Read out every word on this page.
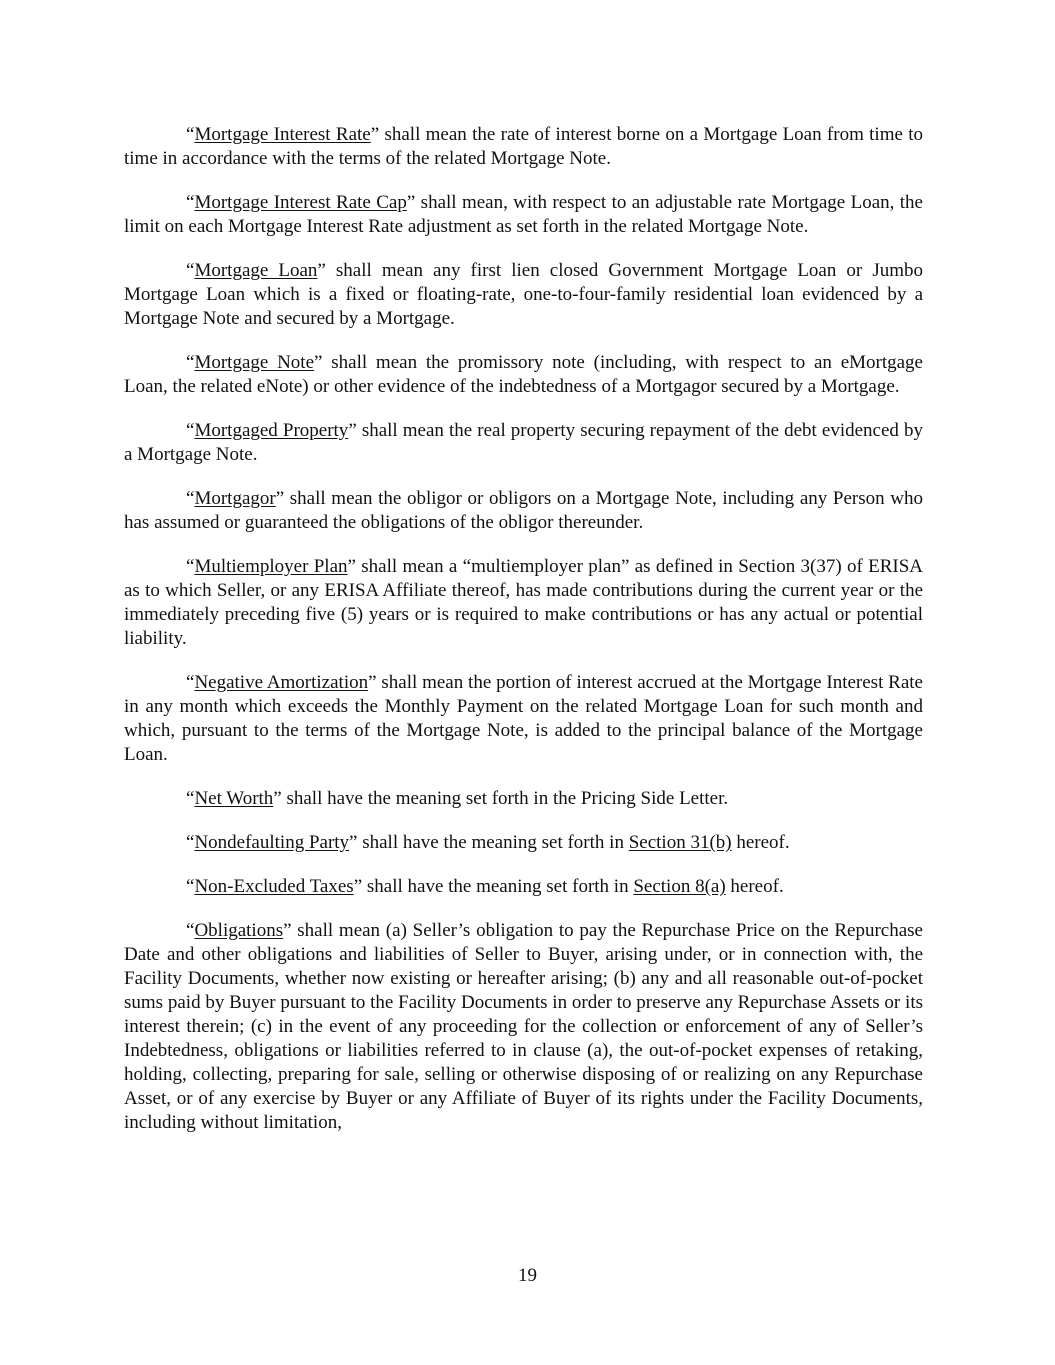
“Mortgage Interest Rate” shall mean the rate of interest borne on a Mortgage Loan from time to time in accordance with the terms of the related Mortgage Note.

“Mortgage Interest Rate Cap” shall mean, with respect to an adjustable rate Mortgage Loan, the limit on each Mortgage Interest Rate adjustment as set forth in the related Mortgage Note.

“Mortgage Loan” shall mean any first lien closed Government Mortgage Loan or Jumbo Mortgage Loan which is a fixed or floating-rate, one-to-four-family residential loan evidenced by a Mortgage Note and secured by a Mortgage.

“Mortgage Note” shall mean the promissory note (including, with respect to an eMortgage Loan, the related eNote) or other evidence of the indebtedness of a Mortgagor secured by a Mortgage.

“Mortgaged Property” shall mean the real property securing repayment of the debt evidenced by a Mortgage Note.

“Mortgagor” shall mean the obligor or obligors on a Mortgage Note, including any Person who has assumed or guaranteed the obligations of the obligor thereunder.

“Multiemployer Plan” shall mean a “multiemployer plan” as defined in Section 3(37) of ERISA as to which Seller, or any ERISA Affiliate thereof, has made contributions during the current year or the immediately preceding five (5) years or is required to make contributions or has any actual or potential liability.

“Negative Amortization” shall mean the portion of interest accrued at the Mortgage Interest Rate in any month which exceeds the Monthly Payment on the related Mortgage Loan for such month and which, pursuant to the terms of the Mortgage Note, is added to the principal balance of the Mortgage Loan.

“Net Worth” shall have the meaning set forth in the Pricing Side Letter.

“Nondefaulting Party” shall have the meaning set forth in Section 31(b) hereof.

“Non-Excluded Taxes” shall have the meaning set forth in Section 8(a) hereof.

“Obligations” shall mean (a) Seller’s obligation to pay the Repurchase Price on the Repurchase Date and other obligations and liabilities of Seller to Buyer, arising under, or in connection with, the Facility Documents, whether now existing or hereafter arising; (b) any and all reasonable out-of-pocket sums paid by Buyer pursuant to the Facility Documents in order to preserve any Repurchase Assets or its interest therein; (c) in the event of any proceeding for the collection or enforcement of any of Seller’s Indebtedness, obligations or liabilities referred to in clause (a), the out-of-pocket expenses of retaking, holding, collecting, preparing for sale, selling or otherwise disposing of or realizing on any Repurchase Asset, or of any exercise by Buyer or any Affiliate of Buyer of its rights under the Facility Documents, including without limitation,

19
